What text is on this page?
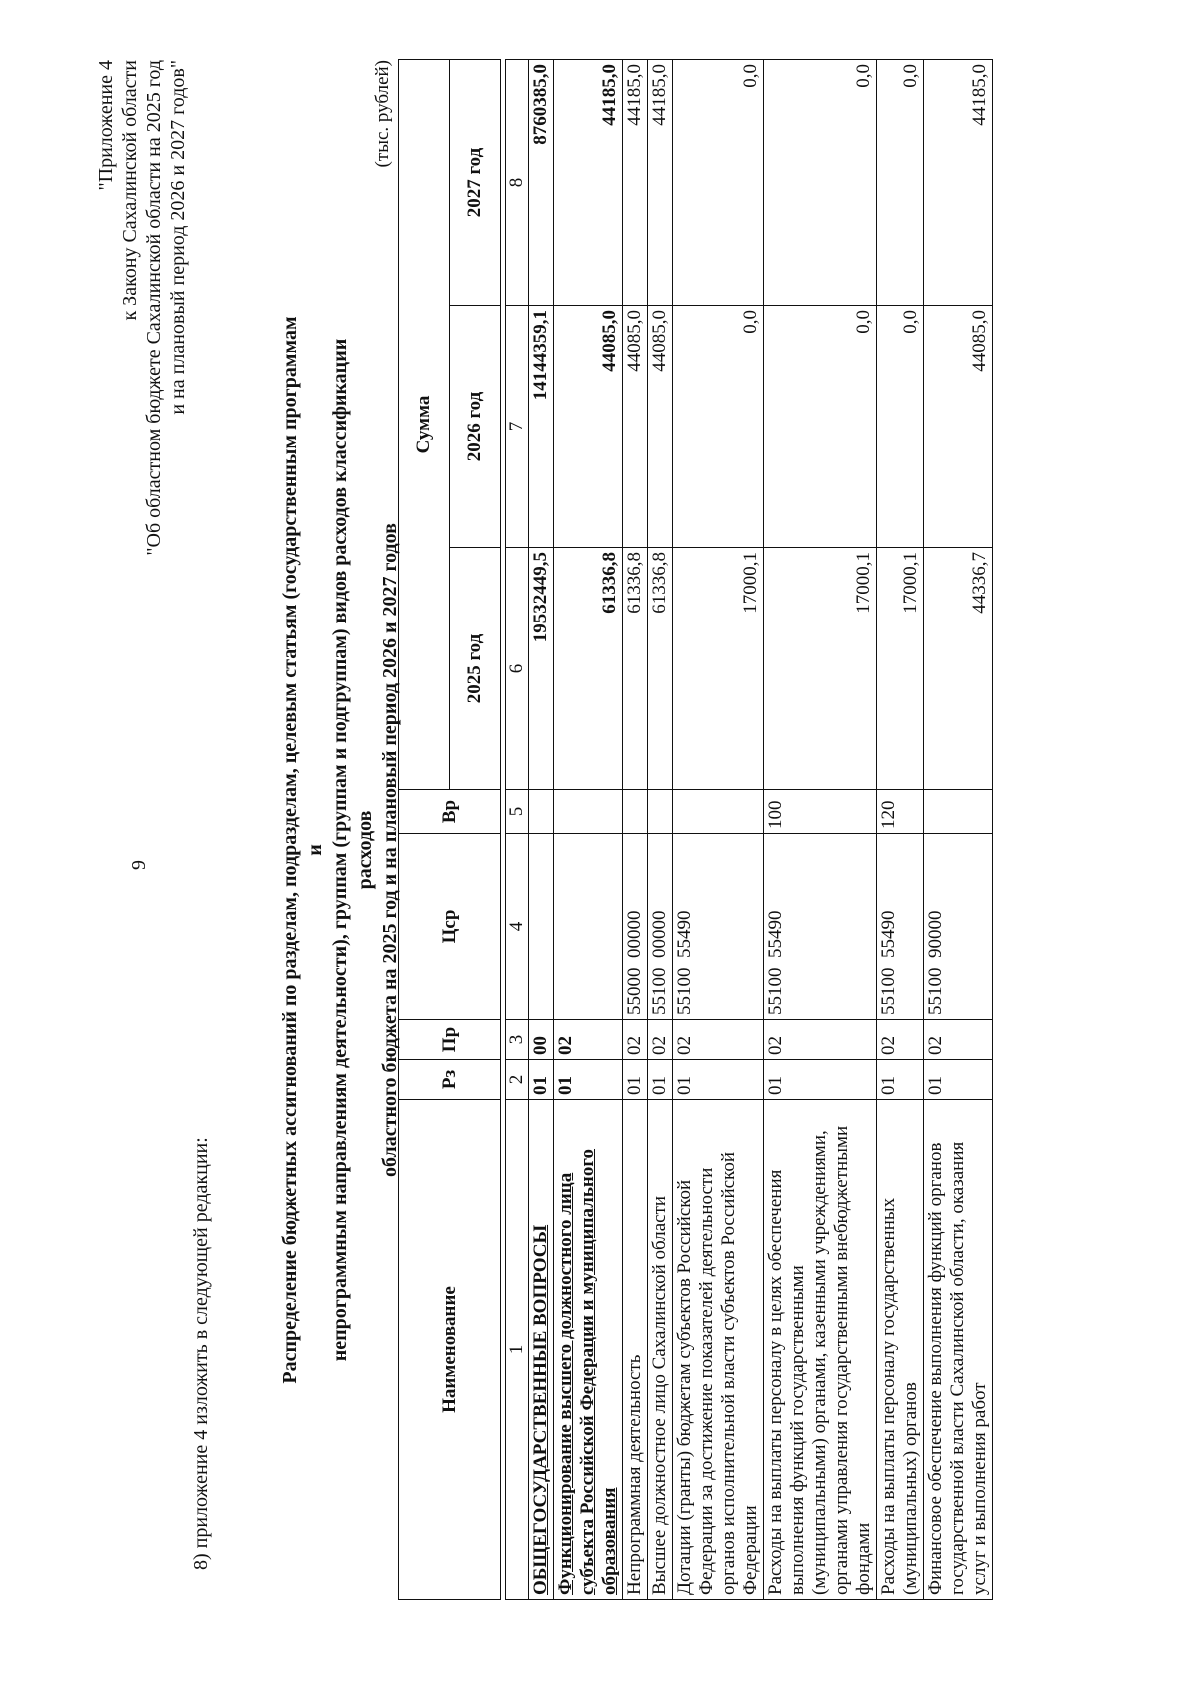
9
8) приложение 4 изложить в следующей редакции:
"Приложение 4 к Закону Сахалинской области "Об областном бюджете Сахалинской области на 2025 год и на плановый период 2026 и 2027 годов"
Распределение бюджетных ассигнований по разделам, подразделам, целевым статьям (государственным программам и непрограммным направлениям деятельности), группам (группам и подгруппам) видов расходов классификации расходов областного бюджета на 2025 год и на плановый период 2026 и 2027 годов
(тыс. рублей)
Наименование	Рз	Пр	Цср	Вр	Сумма		
					2025 год	2026 год	2027 год

1	2	3	4	5	6	7	8
ОБЩЕГОСУДАРСТВЕННЫЕ ВОПРОСЫ	01	00			19532449,5	14144359,1	8760385,0
Функционирование высшего должностного лица субъекта Российской Федерации и муниципального образования	01	02			61336,8	44085,0	44185,0
Непрограммная деятельность	01	02	55000  00000		61336,8	44085,0	44185,0
Высшее должностное лицо Сахалинской области	01	02	55100  00000		61336,8	44085,0	44185,0
Дотации (гранты) бюджетам субъектов Российской Федерации за достижение показателей деятельности органов исполнительной власти субъектов Российской Федерации	01	02	55100  55490		17000,1	0,0	0,0
Расходы на выплаты персоналу в целях обеспечения выполнения функций государственными (муниципальными) органами, казенными учреждениями, органами управления государственными внебюджетными фондами	01	02	55100  55490	100	17000,1	0,0	0,0
Расходы на выплаты персоналу государственных (муниципальных) органов	01	02	55100  55490	120	17000,1	0,0	0,0
Финансовое обеспечение выполнения функций органов государственной власти Сахалинской области, оказания услуг и выполнения работ	01	02	55100  90000		44336,7	44085,0	44185,0
